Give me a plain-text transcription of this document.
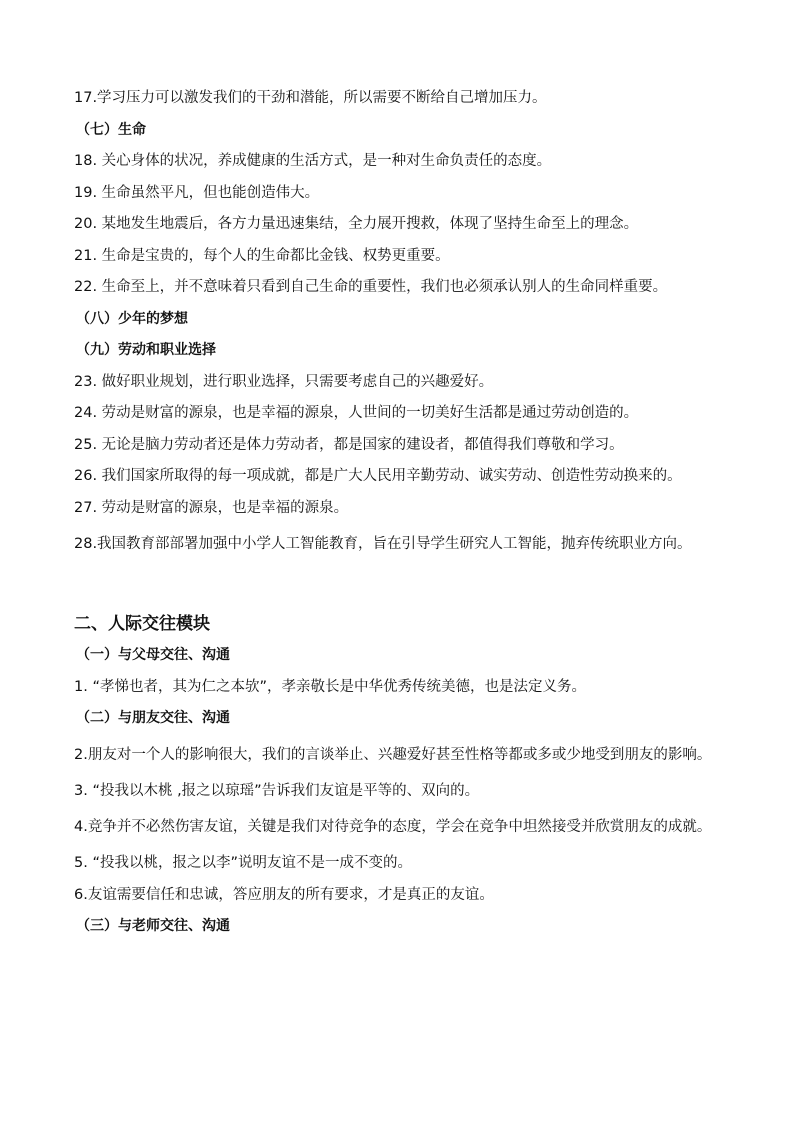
17.学习压力可以激发我们的干劲和潜能，所以需要不断给自己增加压力。

（七）生命

18. 关心身体的状况，养成健康的生活方式，是一种对生命负责任的态度。

19. 生命虽然平凡，但也能创造伟大。

20. 某地发生地震后，各方力量迅速集结，全力展开搜救，体现了坚持生命至上的理念。

21. 生命是宝贵的，每个人的生命都比金钱、权势更重要。

22. 生命至上，并不意味着只看到自己生命的重要性，我们也必须承认别人的生命同样重要。

（八）少年的梦想

（九）劳动和职业选择

23. 做好职业规划，进行职业选择，只需要考虑自己的兴趣爱好。

24. 劳动是财富的源泉，也是幸福的源泉，人世间的一切美好生活都是通过劳动创造的。

25. 无论是脑力劳动者还是体力劳动者，都是国家的建设者，都值得我们尊敬和学习。

26. 我们国家所取得的每一项成就，都是广大人民用辛勤劳动、诚实劳动、创造性劳动换来的。

27. 劳动是财富的源泉，也是幸福的源泉。

28.我国教育部部署加强中小学人工智能教育，旨在引导学生研究人工智能，抛弃传统职业方向。

二、人际交往模块

（一）与父母交往、沟通

1. “孝悌也者，其为仁之本欤”，孝亲敬长是中华优秀传统美德，也是法定义务。

（二）与朋友交往、沟通

2.朋友对一个人的影响很大，我们的言谈举止、兴趣爱好甚至性格等都或多或少地受到朋友的影响。

3. “投我以木桃 ,报之以琼瑶”告诉我们友谊是平等的、双向的。

4.竞争并不必然伤害友谊，关键是我们对待竞争的态度，学会在竞争中坦然接受并欣赏朋友的成就。

5. “投我以桃，报之以李”说明友谊不是一成不变的。

6.友谊需要信任和忠诚，答应朋友的所有要求，才是真正的友谊。

（三）与老师交往、沟通
